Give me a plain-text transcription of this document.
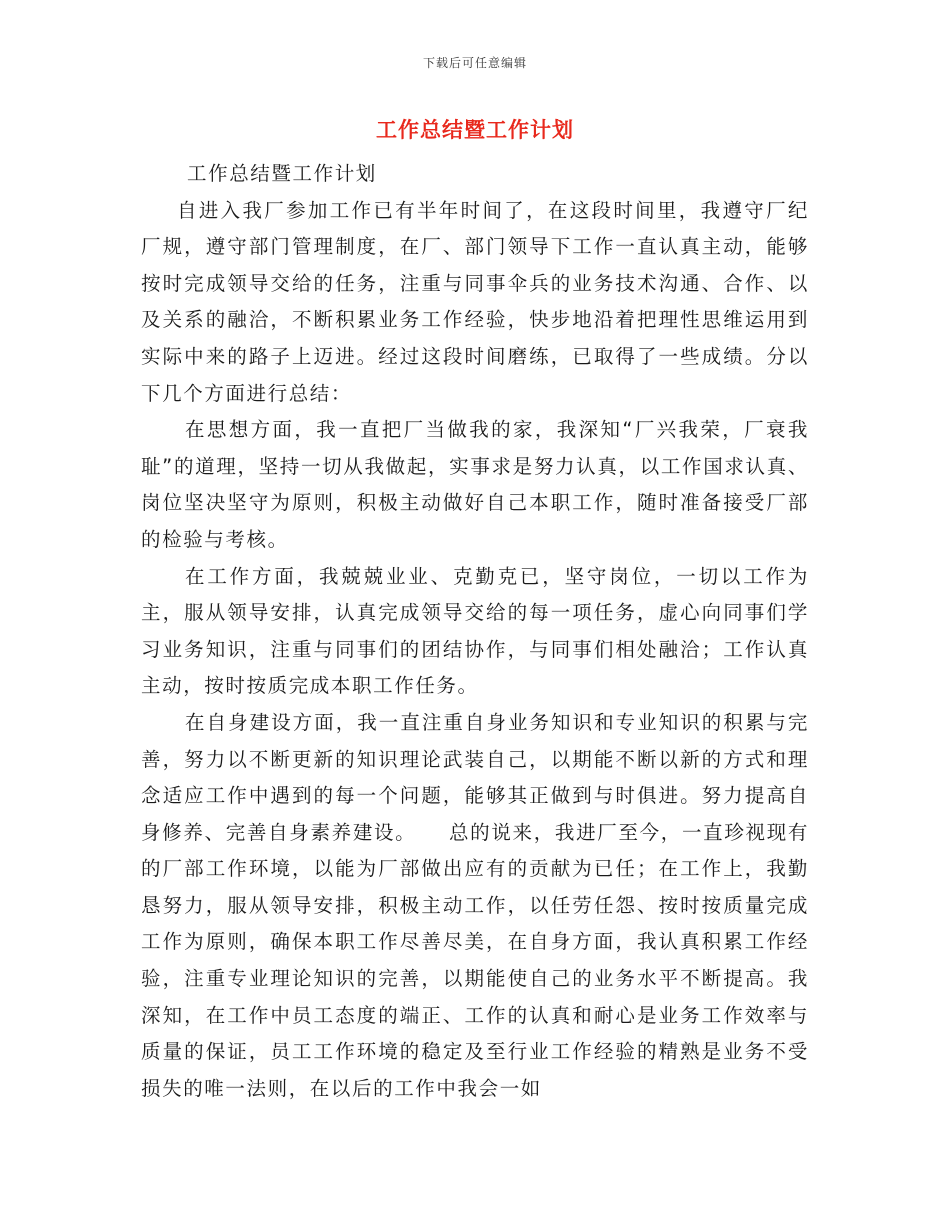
下载后可任意编辑
工作总结暨工作计划

工作总结暨工作计划

自进入我厂参加工作已有半年时间了，在这段时间里，我遵守厂纪厂规，遵守部门管理制度，在厂、部门领导下工作一直认真主动，能够按时完成领导交给的任务，注重与同事伞兵的业务技术沟通、合作、以及关系的融洽，不断积累业务工作经验，快步地沿着把理性思维运用到实际中来的路子上迈进。经过这段时间磨练，已取得了一些成绩。分以下几个方面进行总结：

在思想方面，我一直把厂当做我的家，我深知“厂兴我荣，厂衰我耻”的道理，坚持一切从我做起，实事求是努力认真，以工作国求认真、岗位坚决坚守为原则，积极主动做好自己本职工作，随时准备接受厂部的检验与考核。

在工作方面，我兢兢业业、克勤克已，坚守岗位，一切以工作为主，服从领导安排，认真完成领导交给的每一项任务，虚心向同事们学习业务知识，注重与同事们的团结协作，与同事们相处融洽；工作认真主动，按时按质完成本职工作任务。

在自身建设方面，我一直注重自身业务知识和专业知识的积累与完善，努力以不断更新的知识理论武装自己，以期能不断以新的方式和理念适应工作中遇到的每一个问题，能够其正做到与时俱进。努力提高自身修养、完善自身素养建设。　　总的说来，我进厂至今，一直珍视现有的厂部工作环境，以能为厂部做出应有的贡献为已任；在工作上，我勤恳努力，服从领导安排，积极主动工作，以任劳任怨、按时按质量完成工作为原则，确保本职工作尽善尽美，在自身方面，我认真积累工作经验，注重专业理论知识的完善，以期能使自己的业务水平不断提高。我深知，在工作中员工态度的端正、工作的认真和耐心是业务工作效率与质量的保证，员工工作环境的稳定及至行业工作经验的精熟是业务不受损失的唯一法则，在以后的工作中我会一如
